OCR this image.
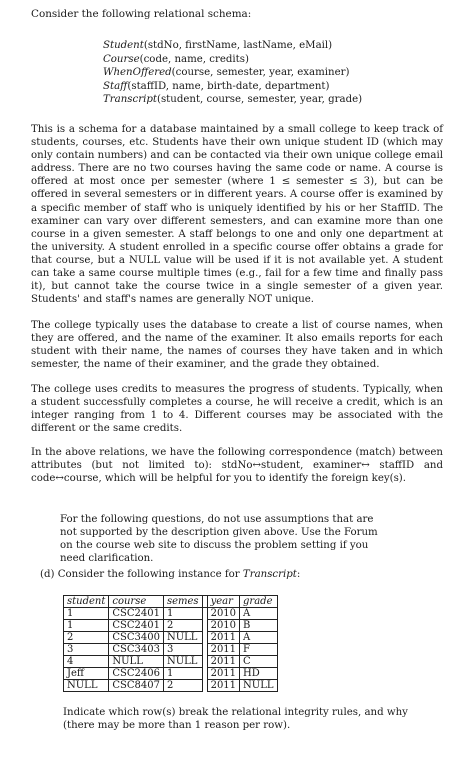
Consider the following relational schema:
Student(stdNo, firstName, lastName, eMail)
Course(code, name, credits)
WhenOffered(course, semester, year, examiner)
Staff(staffID, name, birth-date, department)
Transcript(student, course, semester, year, grade)

This is a schema for a database maintained by a small college to keep track of students, courses, etc. Students have their own unique student ID (which may only contain numbers) and can be contacted via their own unique college email address. There are no two courses having the same code or name. A course is offered at most once per semester (where 1 ≤ semester ≤ 3), but can be offered in several semesters or in different years. A course offer is examined by a specific member of staff who is uniquely identified by his or her StaffID. The examiner can vary over different semesters, and can examine more than one course in a given semester. A staff belongs to one and only one department at the university. A student enrolled in a specific course offer obtains a grade for that course, but a NULL value will be used if it is not available yet. A student can take a same course multiple times (e.g., fail for a few time and finally pass it), but cannot take the course twice in a single semester of a given year. Students' and staff's names are generally NOT unique.

The college typically uses the database to create a list of course names, when they are offered, and the name of the examiner. It also emails reports for each student with their name, the names of courses they have taken and in which semester, the name of their examiner, and the grade they obtained.

The college uses credits to measures the progress of students. Typically, when a student successfully completes a course, he will receive a credit, which is an integer ranging from 1 to 4. Different courses may be associated with the different or the same credits.

In the above relations, we have the following correspondence (match) between attributes (but not limited to): stdNo↔student, examiner↔ staffID and code↔course, which will be helpful for you to identify the foreign key(s).

For the following questions, do not use assumptions that are not supported by the description given above. Use the Forum on the course web site to discuss the problem setting if you need clarification.

(d) Consider the following instance for Transcript:
student	course	semes		year	grade
1	CSC2401	1		2010	A
1	CSC2401	2		2010	B
2	CSC3400	NULL		2011	A
3	CSC3403	3		2011	F
4	NULL	NULL		2011	C
Jeff	CSC2406	1		2011	HD
NULL	CSC8407	2		2011	NULL

Indicate which row(s) break the relational integrity rules, and why (there may be more than 1 reason per row).
